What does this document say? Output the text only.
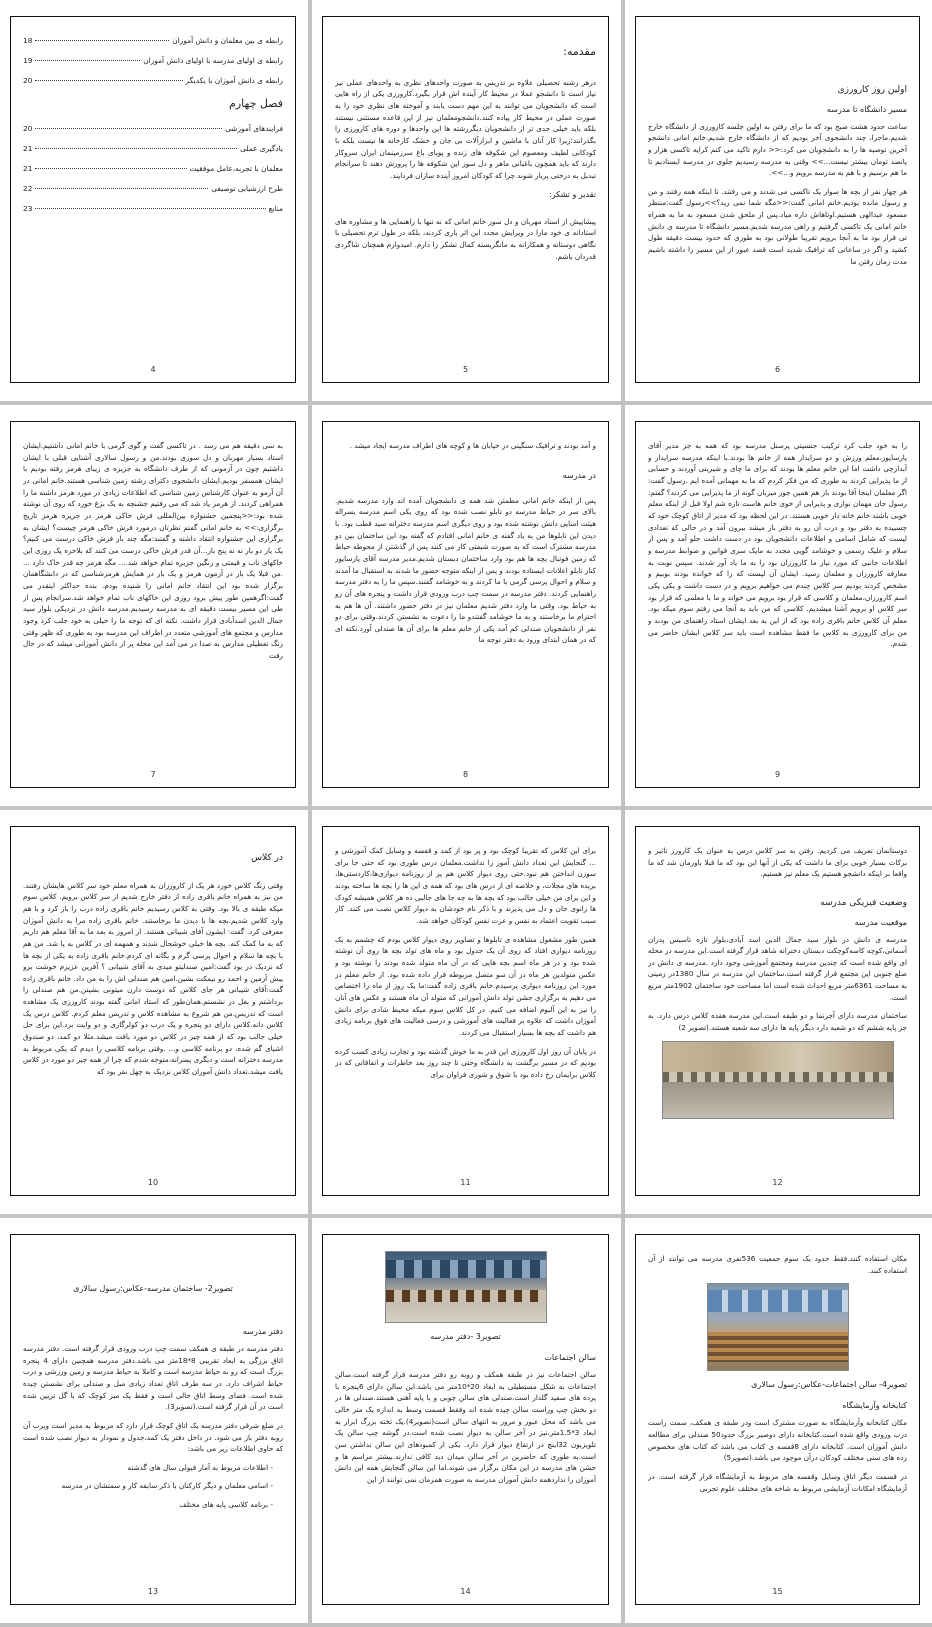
رابطه ی بین معلمان و دانش آموزان
18
رابطه ی اولیای مدرسه با اولیای دانش آموزان
19
رابطه ی دانش آموزان با یکدیگر
20
فصل چهارم
فرایندهای آموزشی
20
یادگیری عملی
21
معلمان با تجربه،عامل موفقیت
21
طرح ارزشیابی توصیفی
22
منابع
23
4
مقدمه:

درهر رشته تحصیلی علاوه بر تدریس به صورت واحدهای نظری به واحدهای عملی نیز نیاز است تا دانشجو عملا در محیط کار آینده اش قرار بگیرد.کارورزی یکی از راه هایی است که دانشجویان می توانند به این مهم دست یابند و آموخته های نظری خود را به صورت عملی در محیط کار پیاده کنند.دانشجومعلمان نیز از این قاعده مستثنی نیستند بلکه باید خیلی جدی تر از دانشجویان دیگررشته ها این واحدها و دوره های کارورزی را بگذرانند؛زیرا کار آنان با ماشین و ابزارآلات بی جان و خشک کارخانه ها نیست بلکه با کودکانی لطیف ومعصوم این شکوفه های زنده و پویای باغ سرزمینمان ایران سروکار دارند که باید همچون باغبانی ماهر و دل سوز این شکوفه ها را پرورش دهند تا سرانجام تبدیل به درختی پربار شوند.چرا که کودکان امروز آینده سازان فردایند.

تقدیر و تشکر:

پیشاپیش از اسناد مهربان و دل سوز خانم امانی که نه تنها با راهنمایی ها و مشاوره های استادانه ی خود مارا در ویرایش مجدد این اثر یاری کردند، بلکه در طول ترم تحصیلی با نگاهی دوستانه و همکارانه به مانگریسته کمال تشکر را دارم. امیدوارم همچنان شاگردی قدردان باشم.

5
اولین روز کارورزی
مسیر دانشگاه تا مدرسه

ساعت حدود هشت صبح بود که ما برای رفتن به اولین جلسه کارورزی از دانشگاه خارج شدیم.ماجرا، چند دانشجوی آخر بودیم که از دانشگاه خارج شدیم.خانم امانی دانشجو آخرین توصیه ها را به دانشجویان می کرد:<< دارم تاکید می کنم کرایه تاکسی هزار و پانصد تومان بیشتر نیست...>> وقتی به مدرسه رسیدیم جلوی در مدرسه ایستادیم تا ما هم برسیم و با هم به مدرسه برویم و...>>.

هر چهار نفر از بچه ها سوار یک تاکسی می شدند و می رفتند. تا اینکه همه رفتند و من و رسول مانده بودیم.خانم امانی گفت:<<مگه شما نمی رید؟>>رسول گفت:منتظر مسعود عبدالهی هستیم.اوتاهاش داره میاد.پس از ملحق شدن مسعود به ما به همراه خانم امانی یک تاکسی گرفتیم و راهی مدرسه شدیم.مسیر دانشگاه تا مدرسه ی دانش تی قرار بود ما به آنجا برویم تقریبا طولانی بود به طوری که حدود بیست دقیقه طول کشید و اگر در ساعاتی که ترافیک شدید است قصد عبور از این مسیر را داشته باشیم مدت زمان رفتن ما

6

به سی دقیقه هم می رسد . در تاکسی گفت و گوی گرمی با خانم امانی داشتیم.ایشان استاد بسیار مهربان و دل سوزی بودند.من و رسول سالاری آشنایی قبلی با ایشان داشتیم چون در آزمونی که از طرف دانشگاه به جزیره ی زیبای هرمز رفته بودیم با ایشان همسفر بودیم.ایشان دانشجوی دکترای رشته زمین شناسی هستند.خانم امانی در آن آزمو به عنوان کارشناس زمین شناسی که اطلاعات زیادی در مورد هرمز داشته ما را همراهی کردند. از هرمز یاد شد که می رفتیم جشنچه به یک بزغ خورد که روی آن نوشته شده بود:<<پنجمین جشنواره بین‌المللی فرش خاکی هرمز در جزیره هرمز تاریخ برگزاری:>> به خانم امانی گفتم نظرتان درمورد فرش خاکی هرمز چیست؟ ایشان به برگزاری این جشنواره انتقاد داشته و گفتند:مگه چند بار فرش خاکی درست می کنیم؟ یک بار دو بار نه نه پنج بار...آن قدر فرش خاکی درست می کنند که بلاخره یک روزی این خاکهای ناب و قیمتی و رنگین جزیره تمام خواهد شد.... مگه هرمز چه قدر خاک دارد ... .من قبلا یک بار در آزمون هرمز و یک بار در همایش هرمزشناسی که در دانشگاهمان برگزار شده بود این انتقاد خانم امانی را شنیده بودم. بنده حداکثر اینقدر می گفت:اگرهمین طور پیش برود روزی این خاکهای ناب تمام خواهد شد.سرانجام پس از طی این مسیر بیست دقیقه ای به مدرسه رسیدیم.مدرسه دانش در نزدیکی بلوار سید جمال الدین اسدآبادی قرار داشت. نکته ای که توجه ما را خیلی به خود جلب کرد وجود مدارس و مجتمع های آموزشی متعدد در اطراف این مدرسه بود به طوری که ظهر وقتی زنگ تعطیلی مدارس به صدا در می آمد این محله پر از دانش آموزانی میشد که در حال رفت

7

و آمد بودند و ترافیک سنگینی در خیابان ها و کوچه های اطراف مدرسه ایجاد میشد .

در مدرسه

پس از اینکه خانم امانی مطمئن شد همه ی دانشجویان آمده اند وارد مدرسه شدیم. بالای سر در حیاط مدرسه دو تابلو نصب شده بود که روی یکی اسم مدرسه یسراله هیئت امنایی دانش نوشته شده بود و روی دیگری اسم مدرسه دخترانه سید قطب بود. با دیدن این تابلوها من به یاد گفته ی خانم امانی افتادم که گفته بود این ساختمان بین دو مدرسه مشترک است که به صورت شیفتی کار می کنند پس از گذشتن از محوطه حیاط که زمین فوتبال بچه ها هم بود وارد ساختمان دبستان شدیم.مدیر مدرسه آقای پارسایور کنار تابلو اعلانات ایستاده بودند و پس از اینکه متوجه حضور ما شدند به استقبال ما آمدند و سلام و احوال پرسی گرمی با ما کردند و به خوشامد گفتند.سپس ما را به دفتر مدرسه راهنمایی کردند. دفتر مدرسه در سمت چپ درب ورودی قرار داشت و پنجره های آن رو به حیاط بود. وقتی ما وارد دفتر شدیم معلمان نیز در دفتر حضور داشتند. آن ها هم به احترام ما برخاستند و به ما خوشامد گفتندو ما را دعوت به نشستن کردند.وقتی برای دو نفر از دانشجویان صندلی کم آمد یکی از خانم معلم ها برای آن ها صندلی آورد.نکته ای که در همان ابتدای ورود به دفتر توجه ما

8

را به خود جلب کرد ترکیب جنسیتی پرسنل مدرسه بود که همه به جز مدیر آقای پارسایور،معلم ورزش و دو سرایدار همه از خانم ها بودند.با اینکه مدرسه سرایدار و آبدارچی داشت اما این خانم معلم ها بودند که برای ما چای و شیرینی آوردند و حسابی از ما پذیرایی کردند به طوری که من فکر کردم که ما به مهمانی آمده ایم .رسول گفت: اگر معلمان اینجا آقا بودند باز هم همین جور میزبان گونه از ما پذیرایی می کردند؟ گفتم: رسول جان مهمان نوازی و پذیرایی از خوی خانم هاست تازه شم اولا قبل از اینکه معلم خوبی باشند خانم خانه دار خوبی هستند. در این لحظه بود که مدیر از اتاق کوچک خود که چسبیده به دفتر بود و درب آن رو به دفتر باز میشد بیرون آمد و در حالی که تعدادی لیست که شامل اسامی و اطلاعات دانشجویان بود در دست داشت جلو آمد و پس از سلام و علیک رسمی و خوشامد گویی مجدد به مایک سری قوانین و ضوابط مدرسه و اطلاعات جانبی که مورد نیاز ما کارورزان بود را به ما یاد آور شدند. سپس نوبت به معارفه کارورزان و معلمان رسید. ایشان آن لیست که را که خوانده بودند بوبیم و مشخص کردند بودیم سر کلاس چندم می خواهیم برویم و در دست داشت و یکی یکی اسم کارورزان،معلمان و کلاسی که قرار بود برویم می خواند و ما با معلمی که قرار بود سر کلاس او برویم آشنا میشدیم. کلاسی که من باید به آنجا می رفتم سوم میکه بود. معلم آن کلاس خانم باقری زاده بود که از این به بعد ایشان استاد راهنمای من بودند و من برای کارورزی به کلاس ما فقط مشاهده است باید سر کلاس ایشان حاضر می شدم.

9
در کلاس

وقتی زنگ کلاس خورد هر یک از کارورزان به همراه معلم خود سر کلاس هایشان رفتند. من نیز به همراه خانم باقری زاده از دفتر خارج شدیم از سر کلاس برویم. کلاس سوم میکه طبقه ی بالا بود. وقتی به کلاس رسیدیم خانم باقری زاده درب را باز کرد و با هم وارد کلاس شدیم.بچه ها با دیدن ما برخاستند. خانم باقری زاده مرا به دانش آموزان معرفی کرد. گفت: ایشون آقای شیبانی هستند. از امروز به بعد ما به آقا معلم هم داریم که به ما کمک کنه. بچه ها خیلی خوشحال شدند و همهمه ای در کلاس به پا شد. من هم با بچه ها سلام و احوال پرسی گرم و یگانه ای کردم.خانم باقری زاده به یکی از بچه ها که نزدیک در بود گفت:امین صندلیتو میدی به آقای شیبانی ؟ آفرین عزیزم خوشت برو پیش آرمین و احمد رو نیمکت بشین.امین هم صندلی اش را به من داد. خانم باقری زاده گفت:آقای شیبانی هر جای کلاس که دوست دارن میتونی بشینن.من هم صندلی را برداشتم و بغل در نشستم.همان‌طور که استاد امانی گفته بودند کارورزی یک مشاهده است که تدریس.من هم شروع به مشاهده کلاس و تدریس معلم کردم. کلاس درس یک کلاس دانه.کلاس دارای دو پنجره و یک درب دو کولرگازی و دو وایت برد.این برای حل خیلی جالب بود که از همه چیز در کلاس دو مورد بافت میشد.مثلا دو کمد، دو صندوق اشیای گم شده، دو برنامه کلاسی و... .وقتی برنامه کلاسی را دیدم که یکی مربوط به مدرسه دخترانه است و دیگری پسرانه،متوجه شدم که چرا از همه چیز دو مورد در کلاس یافت میشد.تعداد دانش آموزان کلاس نزدیک به چهل نفر بود که

10

برای این کلاس که تقریبا کوچک بود و پر بود از کمد و قفسه و وسایل کمک آموزشی و ... گنجایش این تعداد دانش آموز را نداشت.معلمان درس طوری بود که حتی جا برای سوزن انداختن هم نبود.حتی روی دیوار کلاس هم پر از روزنامه دیواری‌ها،کاردستی‌ها، بریده های مجلات، و خلاصه ای از درس های بود که همه ی این ها را بچه ها ساخته بودند و این برای من خیلی جالب بود که بچه ها به چه جا های جالبی ده هر کلاس همیشه کودک ها زانوی جان و دل می پذیرند و با ذکر نام خودشان به دیوار کلاس نصب می کنند. کار سبب تقویت اعتماد به نفس و عزت نفس کودکان خواهد شد.

همین طور مشغول مشاهده ی تابلوها و تصاویر روی دیوار کلاس بودم که چشمم به یک روزنامه دیواری افتاد که روی آن یک جدول بود و ماه های تولد بچه ها روی آن نوشته شده بود و در هر ماه اسم بچه هایی که در آن ماه متولد شده بودند را نوشته بود و عکس متولدین هر ماه در آن سو متصل مربوطه قرار داده شده بود. از خانم معلم در مورد این روزنامه دیواری پرسیدم.خانم باقری زاده گفت:ما یک روز از ماه را اختصاص می دهیم به برگزاری جشن تولد دانش آموزانی که متولد آن ماه هستند و عکس های آنان را نیز به این آلبوم اضافه می کنیم. در کل کلاس سوم میکه محیط شادی برای دانش آموزان داشت که علاوه بر فعالیت های آموزشی و درسی فعالیت های فوق برنامه زیادی هم داشت که بچه ها بسیار استقبال می کردند.

در پایان آن روز اول کارورزی این قدر به ما خوش گذشته بود و تجارب زیادی کسب کرده بودیم که در مسیر برگشت به دانشگاه وحتی تا چند روز بعد خاطرات و اتفاقاتی که در کلاس برایمان رخ داده بود با شوق و شوری فراوان برای

11

دوستانمان تعریف می کردیم. رفتن به سر کلاس درس به عنوان یک کارورز تاثیر و برکات بسیار خوبی برای ما داشت که یکی از آنها این بود که ما قبلا باورمان شد که ما واقعا بر اینکه دانشجو هستیم یک معلم نیز هستیم.

وضعیت فیزیکی مدرسه
موقعیت مدرسه

مدرسه ی دانش در بلوار سید جمال الدین اسد آبادی،بلوار تازه تاسیس پدران آسمانی،کوچه کاسه‌کوچکت دبستان دخترانه شاهد قرار گرفته است.این مدرسه در محله ای واقع شده است که چندین مدرسه ومجتمع آموزشی وجود دارد .مدرسه ی دانش در ضلع جنوبی این مجتمع قرار گرفته است.ساختمان این مدرسه در سال 1380در زمینی به مساحت 6361متر مربع احداث شده است اما مساحت خود ساختمان 1902متر مربع است.

ساختمان مدرسه دارای آجرنما و دو طبقه است.این مدرسه هفده کلاس درس دارد. به جز پایه ششم که دو شعبه دارد دیگر پایه ها دارای سه شعبه هستند.(تصویر 2)

12
تصویر2- ساختمان مدرسه-عکاس:رسول سالاری
دفتر مدرسه

دفتر مدرسه در طبقه ی همکف سمت چپ درب ورودی قرار گرفته است. دفتر مدرسه اتاق بزرگی به ابعاد تقریبی 8*18متر می باشد.دفتر مدرسه همچنین دارای 4 پنجره بزرگ است که رو به حیاط مدرسه است و کاملا به حیاط مدرسه و زمین ورزشی و درب حیاط اشراف دارد. در سه طرف اتاق تعداد زیادی مبل و صندلی برای نشستن چیده شده است. فضای وسط اتاق خالی است و فقط یک میز کوچک که با گل تزیین شده است در آن قرار گرفته است.(تصویر3).

در ضلع شرقی دفتر مدرسه یک اتاق کوچک قرار دارد که مربوط به مدیر است وبرب آن روبه دفتر باز می شود. در داخل دفتر یک کمد،جدول و نمودار به دیوار نصب شده است که حاوی اطلاعات زیر می باشد:

- اطلاعات مربوط به آمار قبولی سال های گذشته
- اسامی معلمان و دیگر کارکنان با ذکر سابقه کار و سمتشان در مدرسه
- برنامه کلاسی پایه های مختلف
13
تصویر3 -دفتر مدرسه
سالن اجتماعات

سالن اجتماعات نیز در طبقه همکف و روبه رو دفتر مدرسه قرار گرفته است.سالن اجتماعات به شکل مستطیلی به ابعاد 20*10متر می باشد.این سالن دارای 6پنجره با پرده های سفید گلدار است.صندلی های سالن چوبی و با پایه آهنی هستند.صندلی ها در دو بخش چپ وراست سالن چیده شده اند وفقط قسمت وسط به اندازه یک متر خالی می باشد که محل عبور و مرور به انتهای سالن است(تصویر4).یک تخته بزرگ ابزار به ابعاد 3*1.5متر،نیز در آخر سالن به دیوار نصب شده است.در گوشه چپ سالن یک تلویزیون 32اینچ در ارتفاع دیوار قرار دارد. یکی از کمبودهای این سالن نداشتن سن است.به طوری که حاضرین در آخر سالن میدان دید کافی ندارند.بیشتر مراسم ها و جشن های مدرسه در این مکان برگزار می شوند.اما این سالن گنجایش همه این دانش آموزان را نداردهمه دانش آموزان مدرسه به صورت همزمان نمی توانند از این

14

مکان استفاده کنند.فقط حدود یک سوم جمعیت 536نفری مدرسه می توانند از آن استفاده کنند.

تصویر4- سالن اجتماعات-عکاس:رسول سالاری
کتابخانه وآزمایشگاه

مکان کتابخانه وآزمایشگاه به صورت مشترک است ودر طبقه ی همکف، سمت راست درب ورودی واقع شده است.کتابخانه دارای دوصیر بزرگ حدود50 صندلی برای مطالعه دانش آموزان است. کتابخانه دارای 8قفسه ی کتاب می باشد که کتاب های مخصوص رده های سنی مختلف کودکان درآن موجود می باشد.(تصویر5)

در قسمت دیگر اتاق وسایل وقفسه های مربوط به آزمایشگاه قرار گرفته است. در آزمایشگاه امکانات آزمایشی مربوط به شاخه های مختلف علوم تجربی

15
